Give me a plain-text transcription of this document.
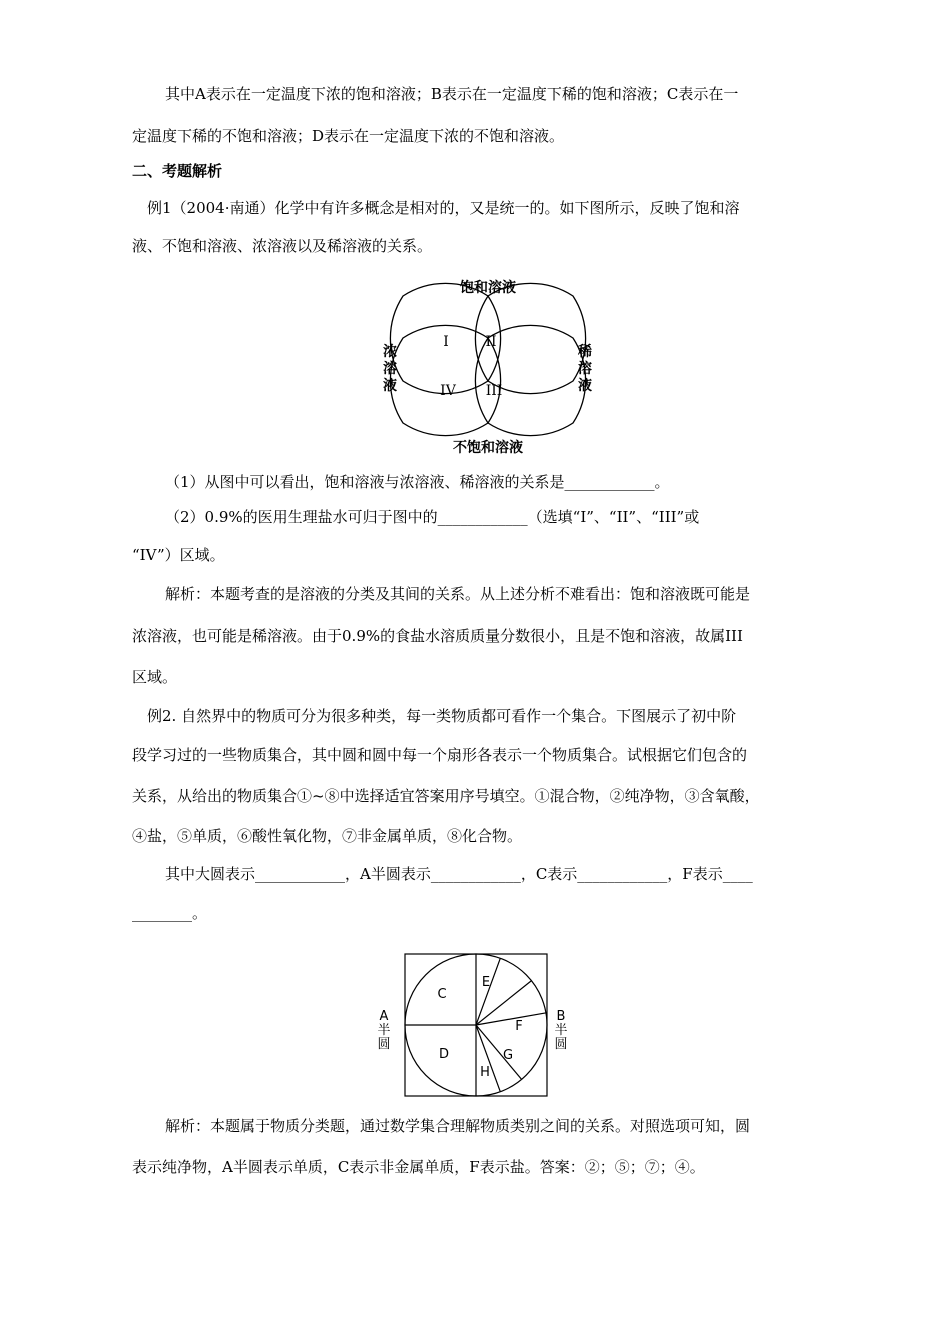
其中A表示在一定温度下浓的饱和溶液；B表示在一定温度下稀的饱和溶液；C表示在一
定温度下稀的不饱和溶液；D表示在一定温度下浓的不饱和溶液。
二、考题解析
例1（2004·南通）化学中有许多概念是相对的，又是统一的。如下图所示，反映了饱和溶
液、不饱和溶液、浓溶液以及稀溶液的关系。
饱和溶液
不饱和溶液
浓
溶
液
稀
溶
液
I	II
III
IV
（1）从图中可以看出，饱和溶液与浓溶液、稀溶液的关系是____________。
（2）0.9%的医用生理盐水可归于图中的____________（选填“I”、“II”、“III”或
“IV”）区域。
解析：本题考查的是溶液的分类及其间的关系。从上述分析不难看出：饱和溶液既可能是
浓溶液，也可能是稀溶液。由于0.9%的食盐水溶质质量分数很小，且是不饱和溶液，故属III
区域。
例2. 自然界中的物质可分为很多种类，每一类物质都可看作一个集合。下图展示了初中阶
段学习过的一些物质集合，其中圆和圆中每一个扇形各表示一个物质集合。试根据它们包含的
关系，从给出的物质集合①~⑧中选择适宜答案用序号填空。①混合物，②纯净物，③含氧酸，
④盐，⑤单质，⑥酸性氧化物，⑦非金属单质，⑧化合物。
其中大圆表示____________，A半圆表示____________，C表示____________，F表示____
________。
C
D
E
F
G
H
A
半
圆
B
半
圆
解析：本题属于物质分类题，通过数学集合理解物质类别之间的关系。对照选项可知，圆
表示纯净物，A半圆表示单质，C表示非金属单质，F表示盐。答案：②；⑤；⑦；④。
